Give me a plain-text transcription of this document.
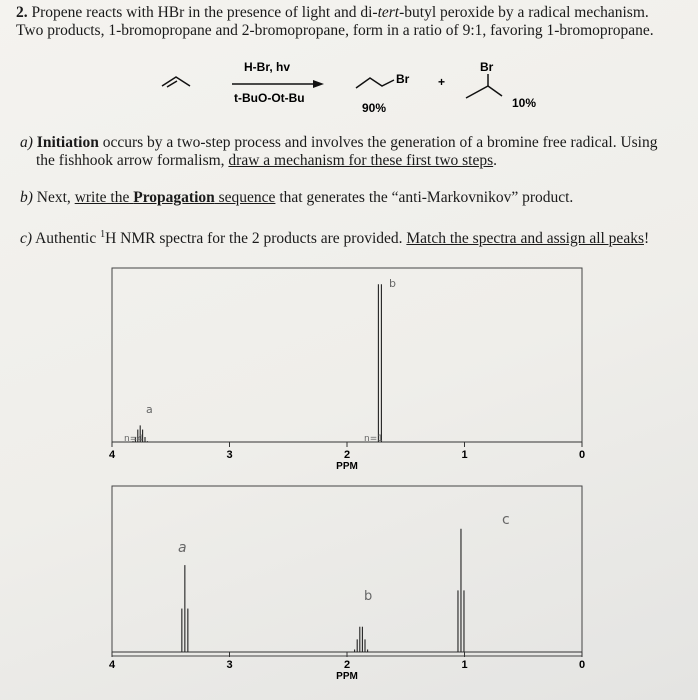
2. Propene reacts with HBr in the presence of light and di-tert-butyl peroxide by a radical mechanism.
Two products, 1-bromopropane and 2-bromopropane, form in a ratio of 9:1, favoring 1-bromopropane.
H-Br, hv
t-BuO-Ot-Bu
Br +
90%
Br
10%
a) Initiation occurs by a two-step process and involves the generation of a bromine free radical. Using
the fishhook arrow formalism, draw a mechanism for these first two steps.
b) Next, write the Propagation sequence that generates the “anti-Markovnikov” product.
c) Authentic $^1$H NMR spectra for the 2 products are provided. Match the spectra and assign all peaks!
4	3	2	1	0
PPM
a
n=4
b
n=1
4	3	2	1	0
PPM
a
b
c
